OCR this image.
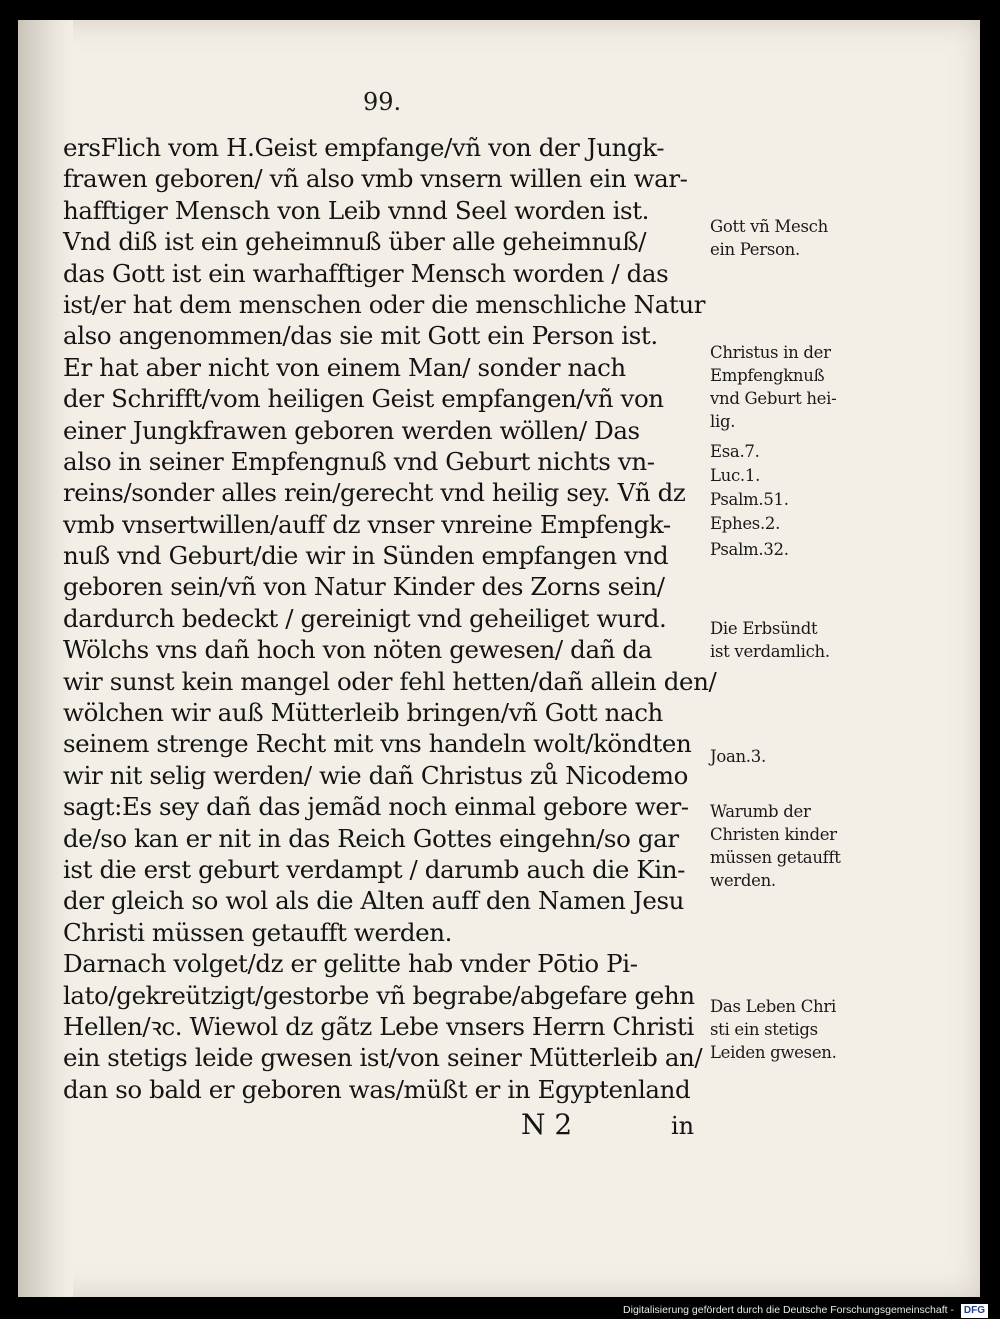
99.
ersFlich vom H.Geist empfange/vñ von der Jungk-
frawen geboren/ vñ also vmb vnsern willen ein war-
hafftiger Mensch von Leib vnnd Seel worden ist.
Vnd diß ist ein geheimnuß über alle geheimnuß/
das Gott ist ein warhafftiger Mensch worden / das
ist/er hat dem menschen oder die menschliche Natur
also angenommen/das sie mit Gott ein Person ist.
Er hat aber nicht von einem Man/ sonder nach
der Schrifft/vom heiligen Geist empfangen/vñ von
einer Jungkfrawen geboren werden wöllen/ Das
also in seiner Empfengnuß vnd Geburt nichts vn-
reins/sonder alles rein/gerecht vnd heilig sey. Vñ dz
vmb vnsertwillen/auff dz vnser vnreine Empfengk-
nuß vnd Geburt/die wir in Sünden empfangen vnd
geboren sein/vñ von Natur Kinder des Zorns sein/
dardurch bedeckt / gereinigt vnd geheiliget wurd.
Wölchs vns dañ hoch von nöten gewesen/ dañ da
wir sunst kein mangel oder fehl hetten/dañ allein den/
wölchen wir auß Mütterleib bringen/vñ Gott nach
seinem strenge Recht mit vns handeln wolt/köndten
wir nit selig werden/ wie dañ Christus zů Nicodemo
sagt:Es sey dañ das jemãd noch einmal gebore wer-
de/so kan er nit in das Reich Gottes eingehn/so gar
ist die erst geburt verdampt / darumb auch die Kin-
der gleich so wol als die Alten auff den Namen Jesu
Christi müssen getaufft werden.
Darnach volget/dz er gelitte hab vnder Pōtio Pi-
lato/gekreützigt/gestorbe vñ begrabe/abgefare gehn
Hellen/ꝛc. Wiewol dz gãtz Lebe vnsers Herrn Christi
ein stetigs leide gwesen ist/von seiner Mütterleib an/
dan so bald er geboren was/müßt er in Egyptenland
Gott vñ Mesch
ein Person.
Christus in der
Empfengknuß
vnd Geburt hei-
lig.
Esa.7.
Luc.1.
Psalm.51.
Ephes.2.
Psalm.32.
Die Erbsündt
ist verdamlich.
Joan.3.
Warumb der
Christen kinder
müssen getaufft
werden.
Das Leben Chri
sti ein stetigs
Leiden gwesen.
N 2	in
Digitalisierung gefördert durch die Deutsche Forschungsgemeinschaft - DFG
